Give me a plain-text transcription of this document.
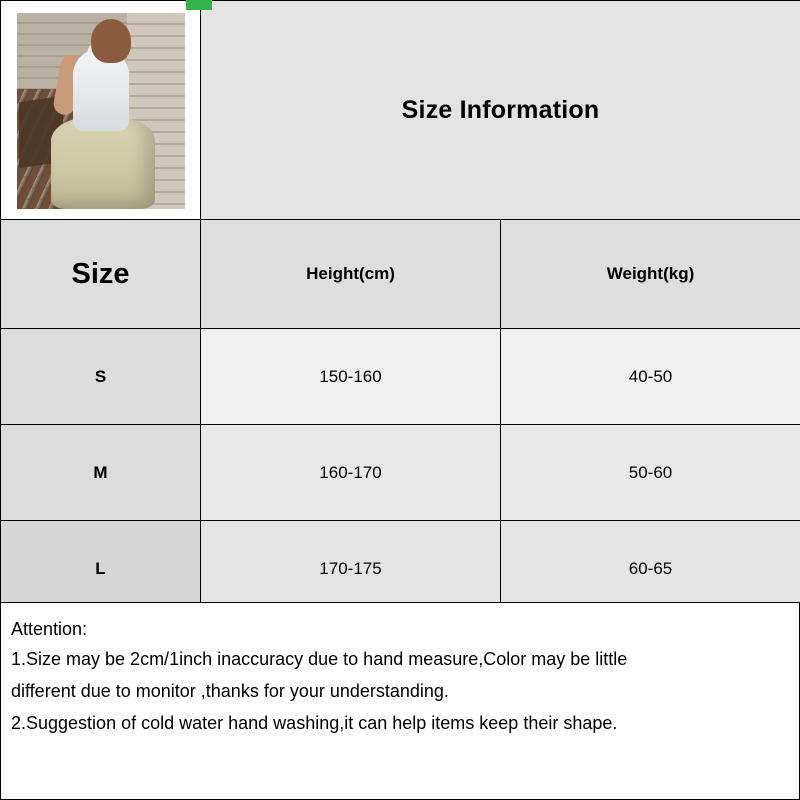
	Size Information	

Size	Height(cm)	Weight(kg)

S	150-160	40-50
M	160-170	50-60
L	170-175	60-65

Attention:

1.Size may be 2cm/1inch inaccuracy due to hand measure,Color may be little

different due to monitor ,thanks for your understanding.

2.Suggestion of cold water hand washing,it can help items keep their shape.
